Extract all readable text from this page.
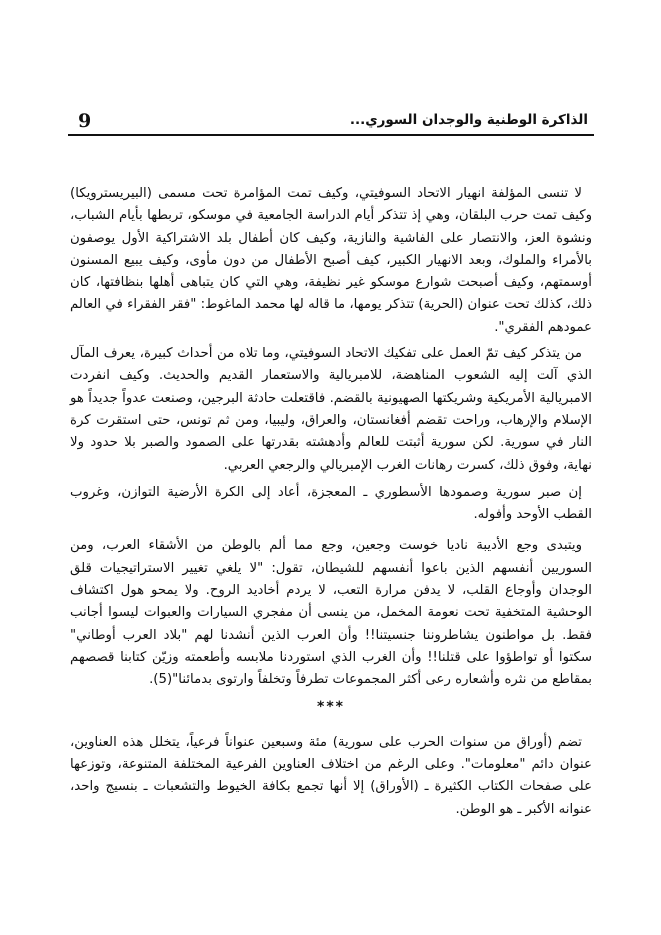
9	الذاكرة الوطنية والوجدان السوري...

لا تنسى المؤلفة انهيار الاتحاد السوفيتي، وكيف تمت المؤامرة تحت مسمى (البيريسترويكا) وكيف تمت حرب البلقان، وهي إذ تتذكر أيام الدراسة الجامعية في موسكو، تربطها بأيام الشباب، ونشوة العز، والانتصار على الفاشية والنازية، وكيف كان أطفال بلد الاشتراكية الأول يوصفون بالأمراء والملوك، وبعد الانهيار الكبير، كيف أصبح الأطفال من دون مأوى، وكيف يبيع المسنون أوسمتهم، وكيف أصبحت شوارع موسكو غير نظيفة، وهي التي كان يتباهى أهلها بنظافتها، كان ذلك، كذلك تحت عنوان (الحرية) تتذكر يومها، ما قاله لها محمد الماغوط: "فقر الفقراء في العالم عمودهم الفقري".

من يتذكر كيف تمّ العمل على تفكيك الاتحاد السوفيتي، وما تلاه من أحداث كبيرة، يعرف المآل الذي آلت إليه الشعوب المناهضة، للامبريالية والاستعمار القديم والحديث. وكيف انفردت الامبريالية الأمريكية وشريكتها الصهيونية بالقضم. فاقتعلت حادثة البرجين، وصنعت عدواً جديداً هو الإسلام والإرهاب، وراحت تقضم أفغانستان، والعراق، وليبيا، ومن ثم تونس، حتى استقرت كرة النار في سورية. لكن سورية أثبتت للعالم وأدهشته بقدرتها على الصمود والصبر بلا حدود ولا نهاية، وفوق ذلك، كسرت رهانات الغرب الإمبريالي والرجعي العربي.

إن صبر سورية وصمودها الأسطوري ـ المعجزة، أعاد إلى الكرة الأرضية التوازن، وغروب القطب الأوحد وأفوله.

ويتبدى وجع الأديبة ناديا خوست وجعين، وجع مما ألم بالوطن من الأشقاء العرب، ومن السوريين أنفسهم الذين باعوا أنفسهم للشيطان، تقول: "لا يلغي تغيير الاستراتيجيات قلق الوجدان وأوجاع القلب، لا يدفن مرارة التعب، لا يردم أخاديد الروح. ولا يمحو هول اكتشاف الوحشية المتخفية تحت نعومة المخمل، من ينسى أن مفجري السيارات والعبوات ليسوا أجانب فقط. بل مواطنون يشاطروننا جنسيتنا!! وأن العرب الذين أنشدنا لهم "بلاد العرب أوطاني" سكتوا أو تواطؤوا على قتلنا!! وأن الغرب الذي استوردنا ملابسه وأطعمته وزيّن كتابنا قصصهم بمقاطع من نثره وأشعاره رعى أكثر المجموعات تطرفاً وتخلفاً وارتوى بدمائنا"(5).

***

تضم (أوراق من سنوات الحرب على سورية) مئة وسبعين عنواناً فرعياً، يتخلل هذه العناوين، عنوان دائم "معلومات". وعلى الرغم من اختلاف العناوين الفرعية المختلفة المتنوعة، وتوزعها على صفحات الكتاب الكثيرة ـ (الأوراق) إلا أنها تجمع بكافة الخيوط والتشعبات ـ بنسيج واحد، عنوانه الأكبر ـ هو الوطن.
